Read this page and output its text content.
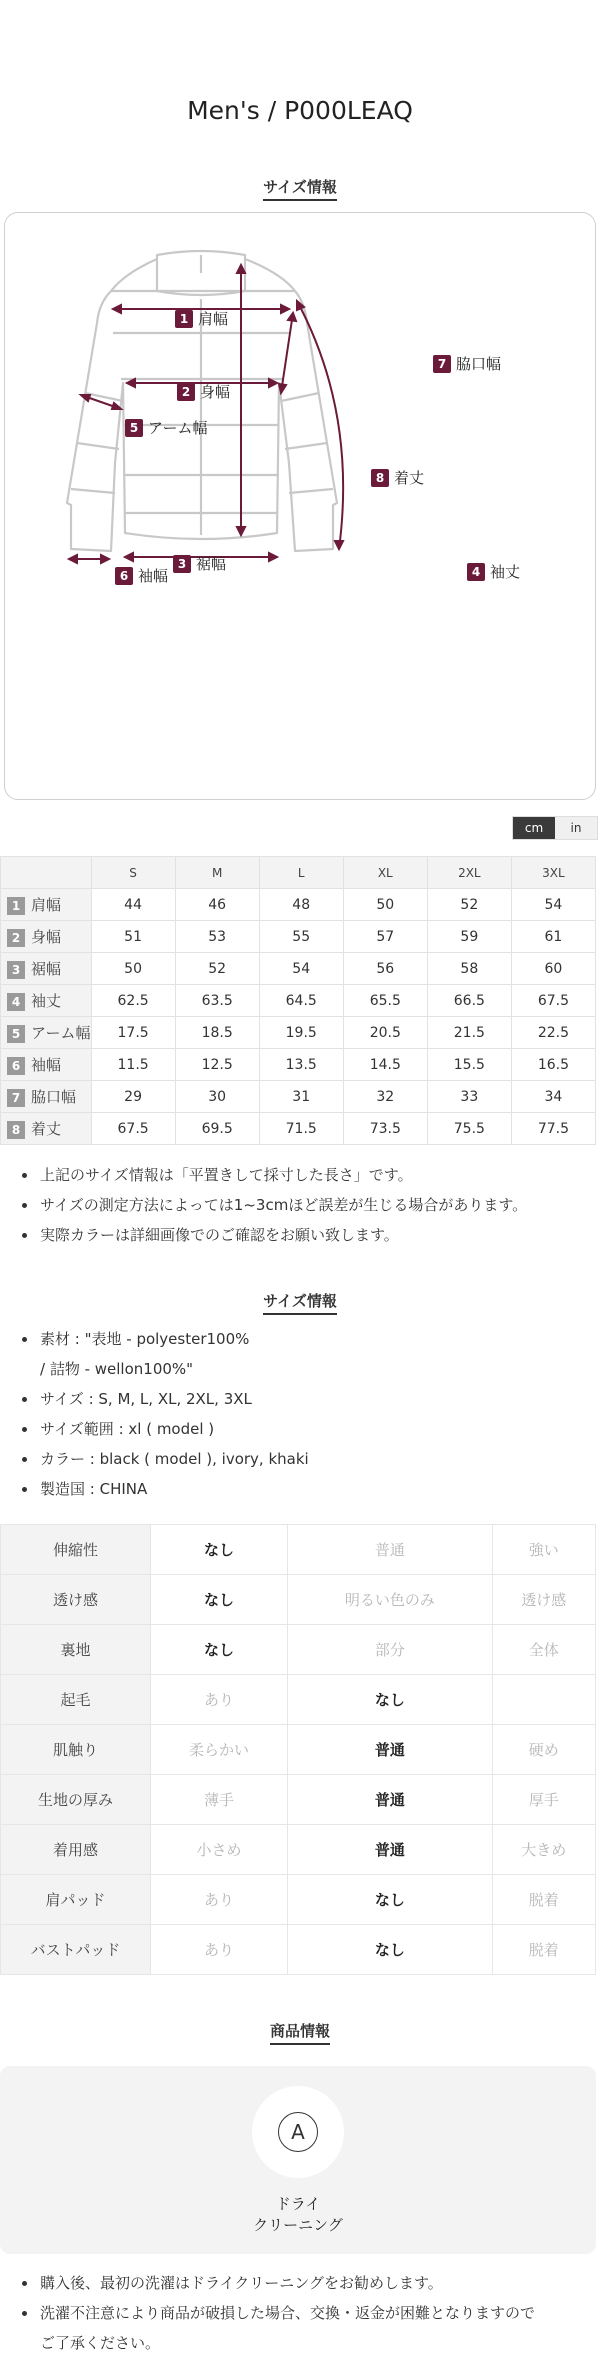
Men's / P000LEAQ
サイズ情報
1 肩幅
2 身幅
3 裾幅	4 袖丈
5 アーム幅
6 袖幅
7 脇口幅
8 着丈
cm	in
	S	M	L	XL	2XL	3XL
1 肩幅	44	46	48	50	52	54
2 身幅	51	53	55	57	59	61
3 裾幅	50	52	54	56	58	60
4 袖丈	62.5	63.5	64.5	65.5	66.5	67.5
5 アーム幅	17.5	18.5	19.5	20.5	21.5	22.5
6 袖幅	11.5	12.5	13.5	14.5	15.5	16.5
7 脇口幅	29	30	31	32	33	34
8 着丈	67.5	69.5	71.5	73.5	75.5	77.5
上記のサイズ情報は「平置きして採寸した長さ」です。
サイズの測定方法によっては1~3cmほど誤差が生じる場合があります。
実際カラーは詳細画像でのご確認をお願い致します。
サイズ情報
素材 : "表地 - polyester100%
/ 詰物 - wellon100%"
サイズ : S, M, L, XL, 2XL, 3XL
サイズ範囲 : xl ( model )
カラー : black ( model ), ivory, khaki
製造国 : CHINA
伸縮性	なし	普通	強い
透け感	なし	明るい色のみ	透け感
裏地	なし	部分	全体
起毛	あり	なし	
肌触り	柔らかい	普通	硬め
生地の厚み	薄手	普通	厚手
着用感	小さめ	普通	大きめ
肩パッド	あり	なし	脱着
バストパッド	あり	なし	脱着
商品情報
A
ドライ
クリーニング
購入後、最初の洗濯はドライクリーニングをお勧めします。
洗濯不注意により商品が破損した場合、交換・返金が困難となりますので
ご了承ください。
